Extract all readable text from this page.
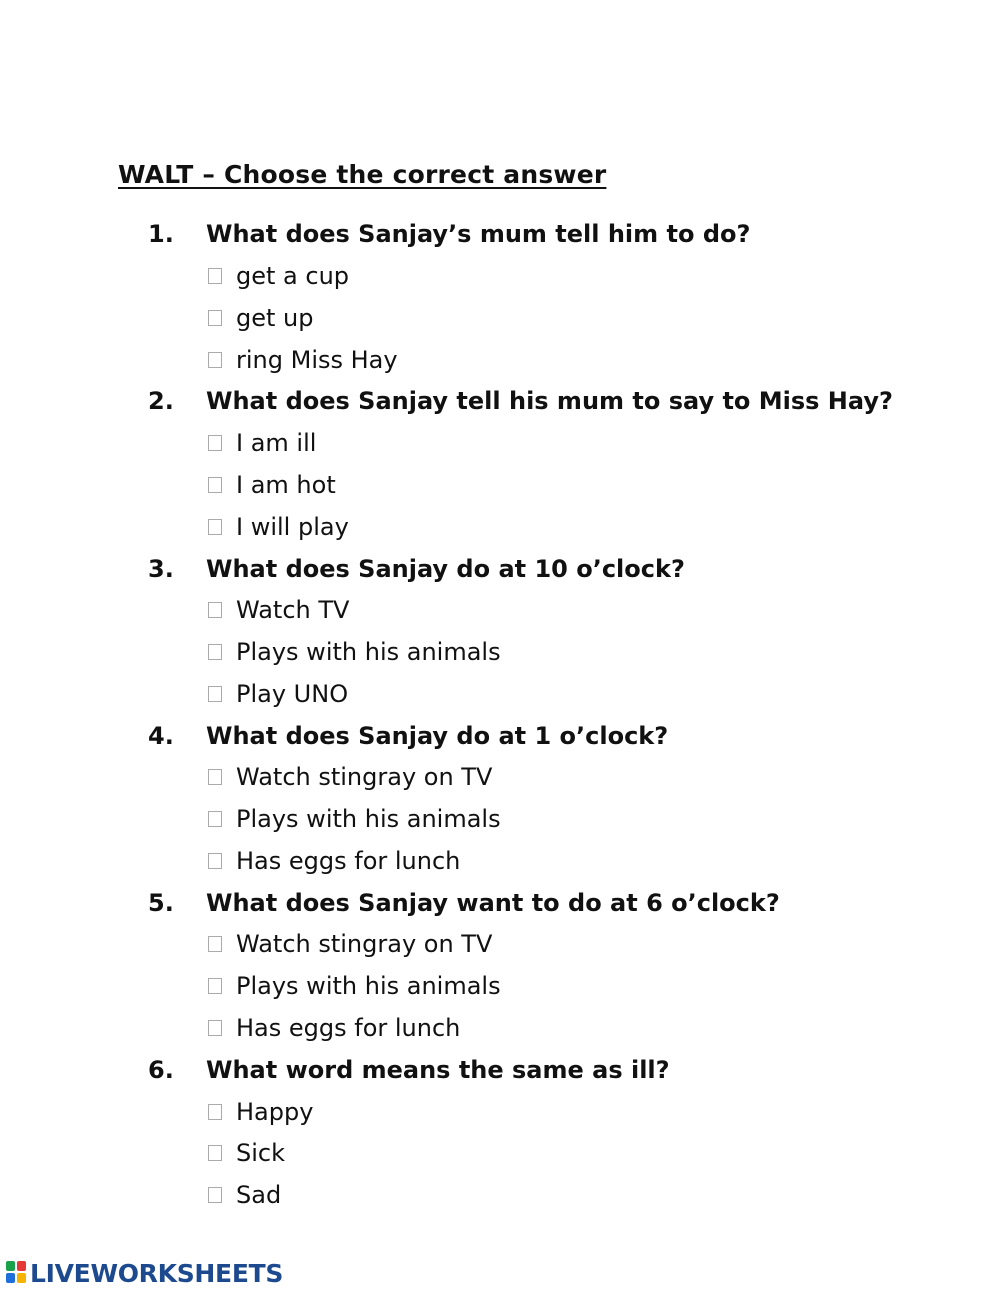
WALT – Choose the correct answer
1. What does Sanjay’s mum tell him to do?
get a cup
get up
ring Miss Hay
2. What does Sanjay tell his mum to say to Miss Hay?
I am ill
I am hot
I will play
3. What does Sanjay do at 10 o’clock?
Watch TV
Plays with his animals
Play UNO
4. What does Sanjay do at 1 o’clock?
Watch stingray on TV
Plays with his animals
Has eggs for lunch
5. What does Sanjay want to do at 6 o’clock?
Watch stingray on TV
Plays with his animals
Has eggs for lunch
6. What word means the same as ill?
Happy
Sick
Sad
LIVEWORKSHEETS
